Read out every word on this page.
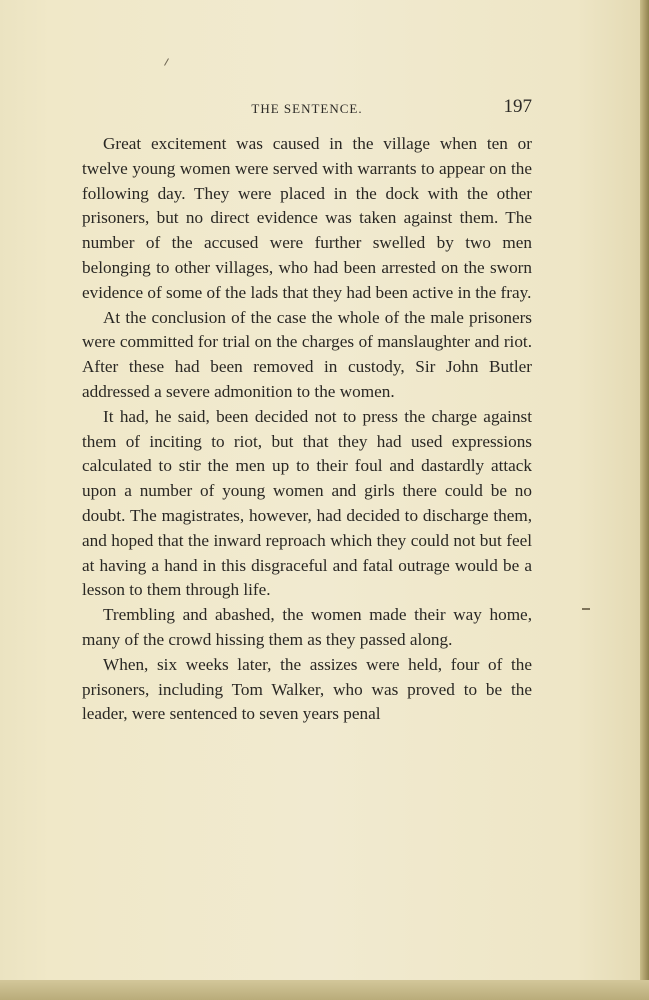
THE SENTENCE.	197

Great excitement was caused in the village when ten or twelve young women were served with warrants to appear on the following day. They were placed in the dock with the other prisoners, but no direct evidence was taken against them. The number of the accused were further swelled by two men belonging to other villages, who had been arrested on the sworn evidence of some of the lads that they had been active in the fray.

At the conclusion of the case the whole of the male prisoners were committed for trial on the charges of manslaughter and riot. After these had been removed in custody, Sir John Butler addressed a severe admonition to the women.

It had, he said, been decided not to press the charge against them of inciting to riot, but that they had used expressions calculated to stir the men up to their foul and dastardly attack upon a number of young women and girls there could be no doubt. The magistrates, however, had decided to discharge them, and hoped that the inward reproach which they could not but feel at having a hand in this disgraceful and fatal outrage would be a lesson to them through life.

Trembling and abashed, the women made their way home, many of the crowd hissing them as they passed along.

When, six weeks later, the assizes were held, four of the prisoners, including Tom Walker, who was proved to be the leader, were sentenced to seven years penal
